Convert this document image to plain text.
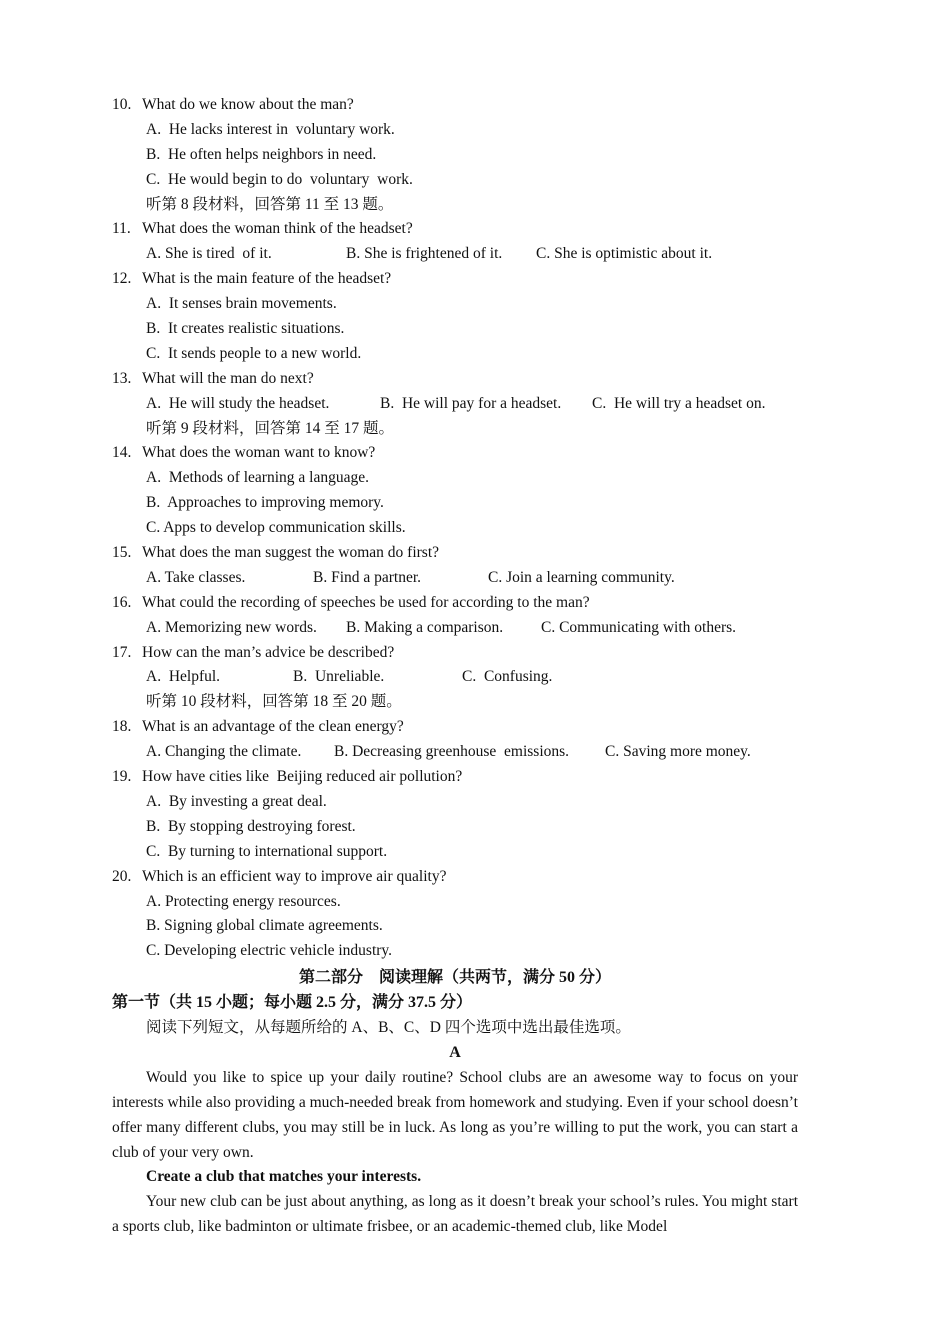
10. What do we know about the man?
A.  He lacks interest in  voluntary work.
B.  He often helps neighbors in need.
C.  He would begin to do  voluntary  work.
听第 8 段材料，回答第 11 至 13 题。
11. What does the woman think of the headset?

A. She is tired  of it.

	B. She is frightened of it.

C. She is optimistic about it.

12. What is the main feature of the headset?
A.  It senses brain movements.
B.  It creates realistic situations.
C.  It sends people to a new world.
13. What will the man do next?

A.  He will study the headset.

	B.  He will pay for a headset.

C.  He will try a headset on.

听第 9 段材料，回答第 14 至 17 题。
14. What does the woman want to know?
A.  Methods of learning a language.
B.  Approaches to improving memory.
C. Apps to develop communication skills.
15. What does the man suggest the woman do first?

A. Take classes.

	B. Find a partner.

	C. Join a learning community.

16. What could the recording of speeches be used for according to the man?

A. Memorizing new words.

B. Making a comparison.

C. Communicating with others.

17. How can the man’s advice be described?

A.  Helpful.

	B.  Unreliable.

	C.  Confusing.

听第 10 段材料，回答第 18 至 20 题。
18. What is an advantage of the clean energy?

A. Changing the climate.

B. Decreasing greenhouse  emissions.

C. Saving more money.

19. How have cities like  Beijing reduced air pollution?
A.  By investing a great deal.
B.  By stopping destroying forest.
C.  By turning to international support.
20. Which is an efficient way to improve air quality?
A. Protecting energy resources.
B. Signing global climate agreements.
C. Developing electric vehicle industry.
第二部分    阅读理解（共两节，满分 50 分）
第一节（共 15 小题；每小题 2.5 分，满分 37.5 分）
阅读下列短文，从每题所给的 A、B、C、D 四个选项中选出最佳选项。
A

Would you like to spice up your daily routine? School clubs are an awesome way to focus on your interests while also providing a much-needed break from homework and studying. Even if your school doesn’t offer many different clubs, you may still be in luck. As long as you’re willing to put the work, you can start a club of your very own.

Create a club that matches your interests.

Your new club can be just about anything, as long as it doesn’t break your school’s rules. You might start a sports club, like badminton or ultimate frisbee, or an academic-themed club, like Model
